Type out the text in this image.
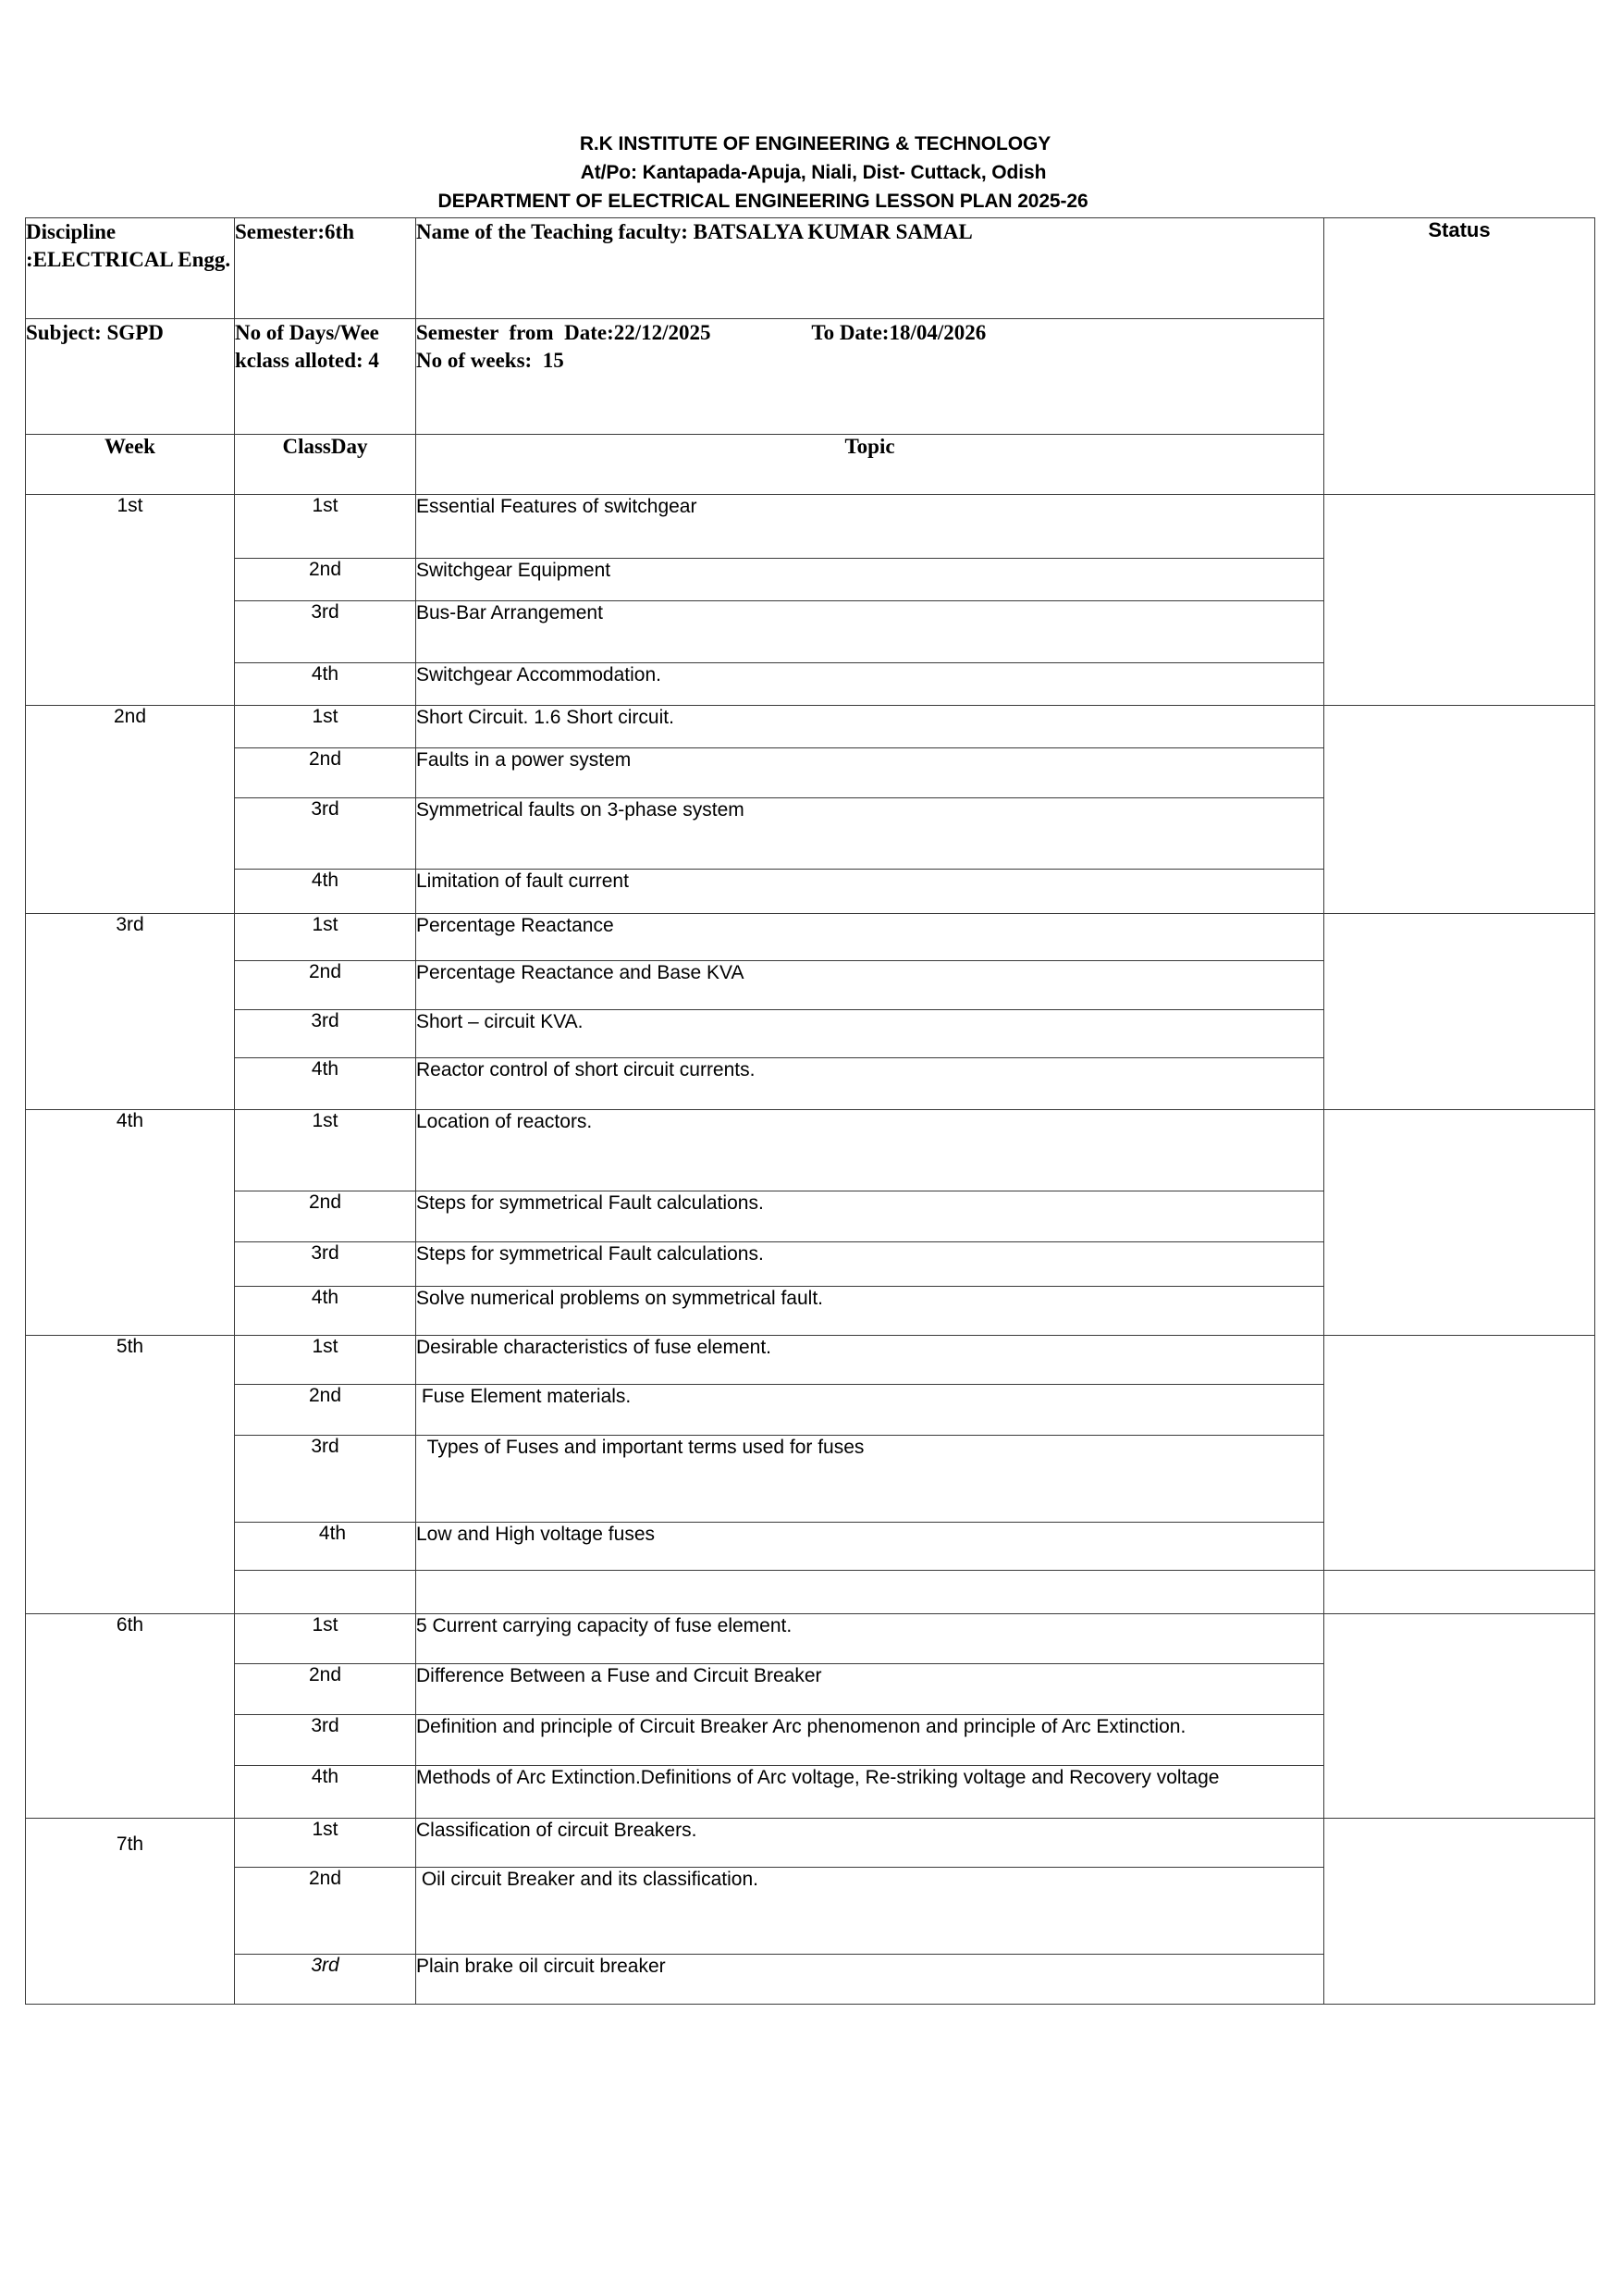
R.K INSTITUTE OF ENGINEERING & TECHNOLOGY
At/Po: Kantapada-Apuja, Niali, Dist- Cuttack, Odish
DEPARTMENT OF ELECTRICAL ENGINEERING LESSON PLAN 2025-26
Discipline :ELECTRICAL Engg.	Semester:6th	Name of the Teaching faculty: BATSALYA KUMAR SAMAL	Status
Subject: SGPD	No of Days/Wee kclass alloted: 4	Semester  from  Date:22/12/2025                   To Date:18/04/2026
No of weeks:  15	

Week	ClassDay	Topic	
1st	1st	Essential Features of switchgear	
	2nd	Switchgear Equipment	
	3rd	Bus-Bar Arrangement	
	4th	Switchgear Accommodation.	
2nd	1st	Short Circuit. 1.6 Short circuit.	
	2nd	Faults in a power system	
	3rd	Symmetrical faults on 3-phase system	
	4th	Limitation of fault current	
3rd	1st	Percentage Reactance	
	2nd	Percentage Reactance and Base KVA	
	3rd	Short – circuit KVA.	
	4th	Reactor control of short circuit currents.	
4th	1st	Location of reactors.	
	2nd	Steps for symmetrical Fault calculations.	
	3rd	Steps for symmetrical Fault calculations.	
	4th	Solve numerical problems on symmetrical fault.	
5th	1st	Desirable characteristics of fuse element.	
	2nd	Fuse Element materials.	
	3rd	Types of Fuses and important terms used for fuses	
	4th	Low and High voltage fuses	

6th	1st	5 Current carrying capacity of fuse element.	
	2nd	Difference Between a Fuse and Circuit Breaker	
	3rd	Definition and principle of Circuit Breaker Arc phenomenon and principle of Arc Extinction.	
	4th	Methods of Arc Extinction.Definitions of Arc voltage, Re-striking voltage and Recovery voltage	
7th	1st	Classification of circuit Breakers.	
	2nd	Oil circuit Breaker and its classification.	
	3rd	Plain brake oil circuit breaker	
